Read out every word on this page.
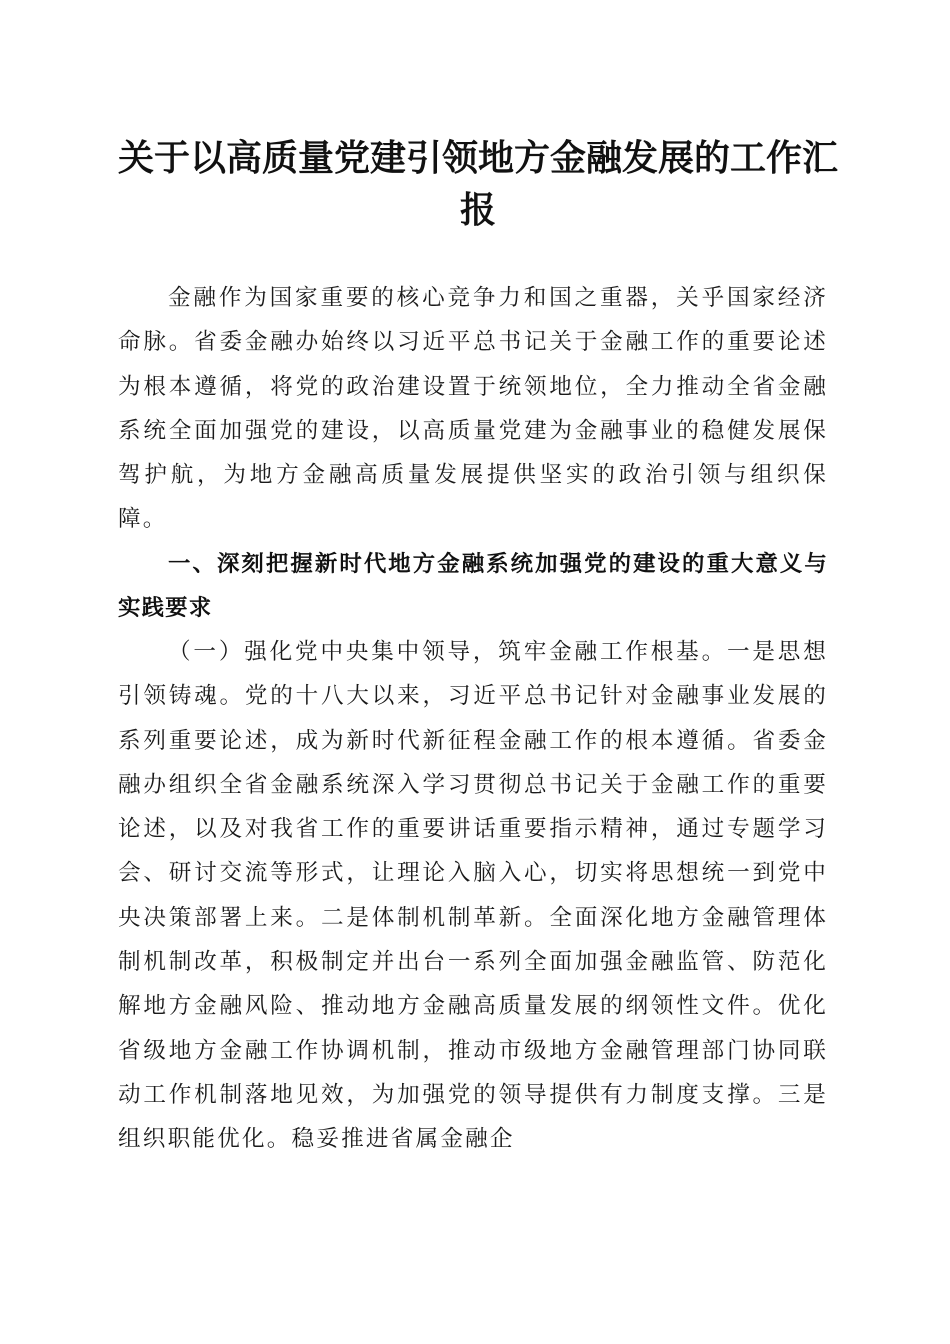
关于以高质量党建引领地方金融发展的工作汇报

金融作为国家重要的核心竞争力和国之重器，关乎国家经济命脉。省委金融办始终以习近平总书记关于金融工作的重要论述为根本遵循，将党的政治建设置于统领地位，全力推动全省金融系统全面加强党的建设，以高质量党建为金融事业的稳健发展保驾护航，为地方金融高质量发展提供坚实的政治引领与组织保障。

一、深刻把握新时代地方金融系统加强党的建设的重大意义与实践要求

（一）强化党中央集中领导，筑牢金融工作根基。一是思想引领铸魂。党的十八大以来，习近平总书记针对金融事业发展的系列重要论述，成为新时代新征程金融工作的根本遵循。省委金融办组织全省金融系统深入学习贯彻总书记关于金融工作的重要论述，以及对我省工作的重要讲话重要指示精神，通过专题学习会、研讨交流等形式，让理论入脑入心，切实将思想统一到党中央决策部署上来。二是体制机制革新。全面深化地方金融管理体制机制改革，积极制定并出台一系列全面加强金融监管、防范化解地方金融风险、推动地方金融高质量发展的纲领性文件。优化省级地方金融工作协调机制，推动市级地方金融管理部门协同联动工作机制落地见效，为加强党的领导提供有力制度支撑。三是组织职能优化。稳妥推进省属金融企
